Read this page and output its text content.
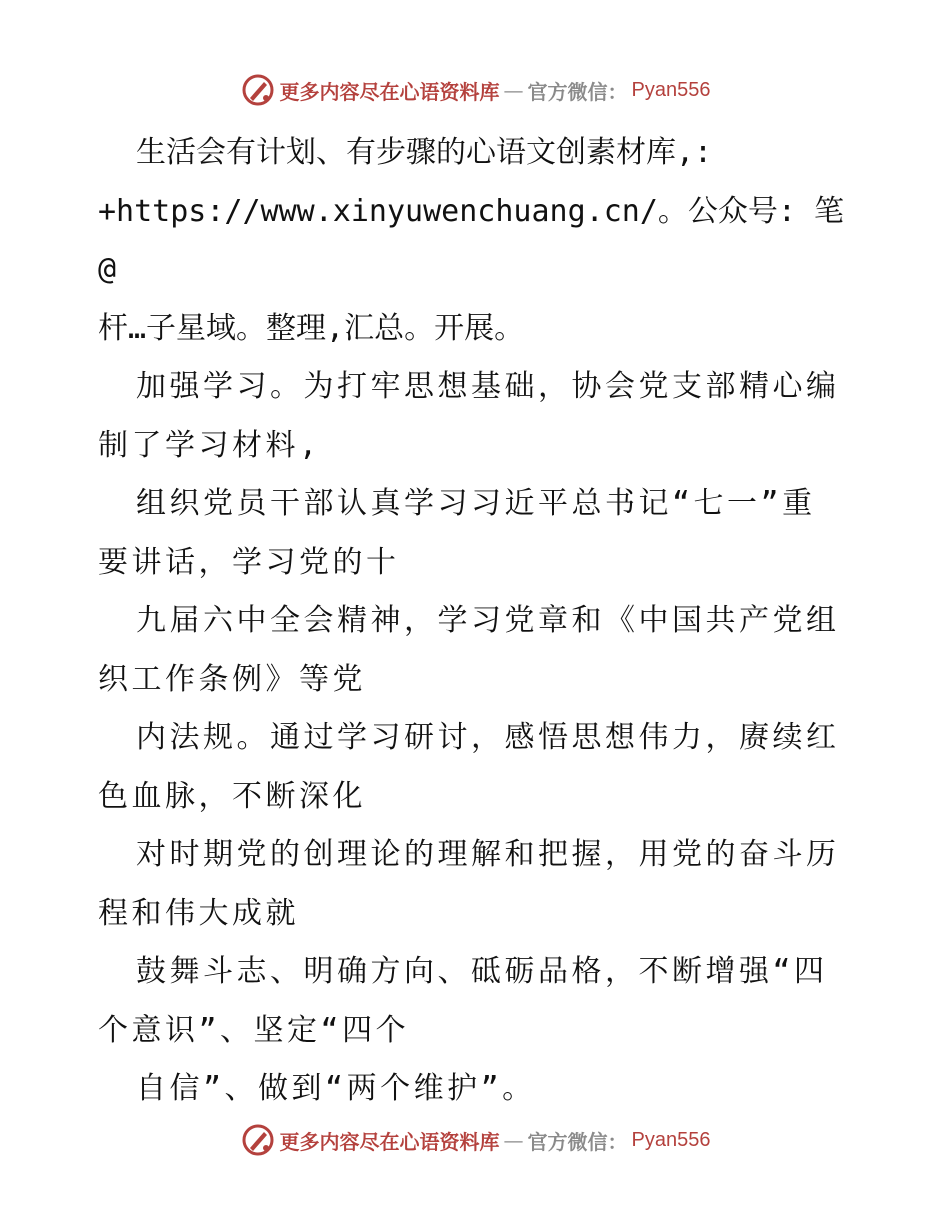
更多内容尽在心语资料库 — 官方微信： Pyan556

生活会有计划、有步骤的心语文创素材库,:
+https://www.xinyuwenchuang.cn/。公众号: 笔@
杆…子星域。整理,汇总。开展。

加强学习。为打牢思想基础，协会党支部精心编
制了学习材料,

组织党员干部认真学习习近平总书记“七一”重
要讲话，学习党的十

九届六中全会精神，学习党章和《中国共产党组
织工作条例》等党

内法规。通过学习研讨，感悟思想伟力，赓续红
色血脉，不断深化

对时期党的创理论的理解和把握，用党的奋斗历
程和伟大成就

鼓舞斗志、明确方向、砥砺品格，不断增强“四
个意识”、坚定“四个

自信”、做到“两个维护”。

更多内容尽在心语资料库 — 官方微信： Pyan556
